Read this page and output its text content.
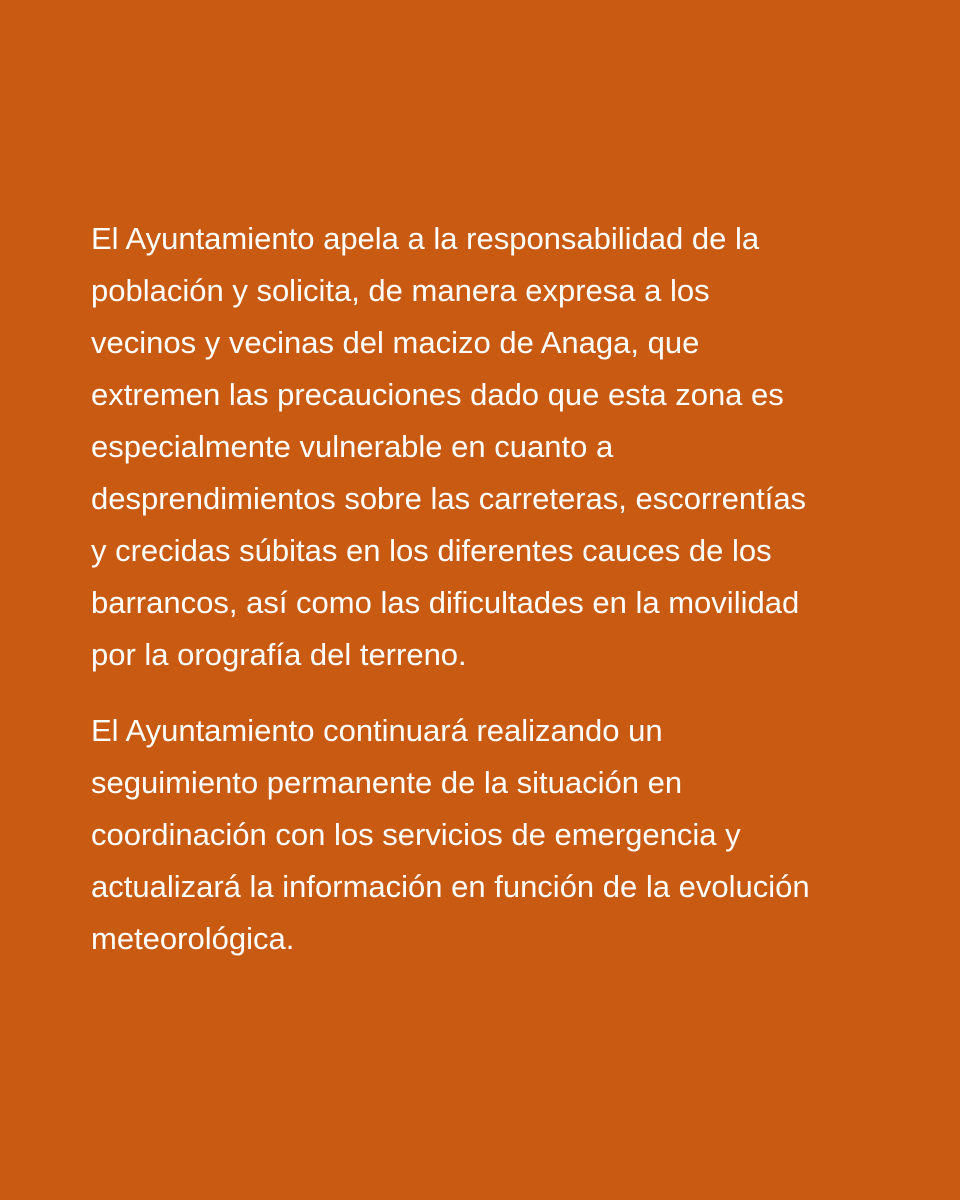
El Ayuntamiento apela a la responsabilidad de la
población y solicita, de manera expresa a los
vecinos y vecinas del macizo de Anaga, que
extremen las precauciones dado que esta zona es
especialmente vulnerable en cuanto a
desprendimientos sobre las carreteras, escorrentías
y crecidas súbitas en los diferentes cauces de los
barrancos, así como las dificultades en la movilidad
por la orografía del terreno.

El Ayuntamiento continuará realizando un
seguimiento permanente de la situación en
coordinación con los servicios de emergencia y
actualizará la información en función de la evolución
meteorológica.
